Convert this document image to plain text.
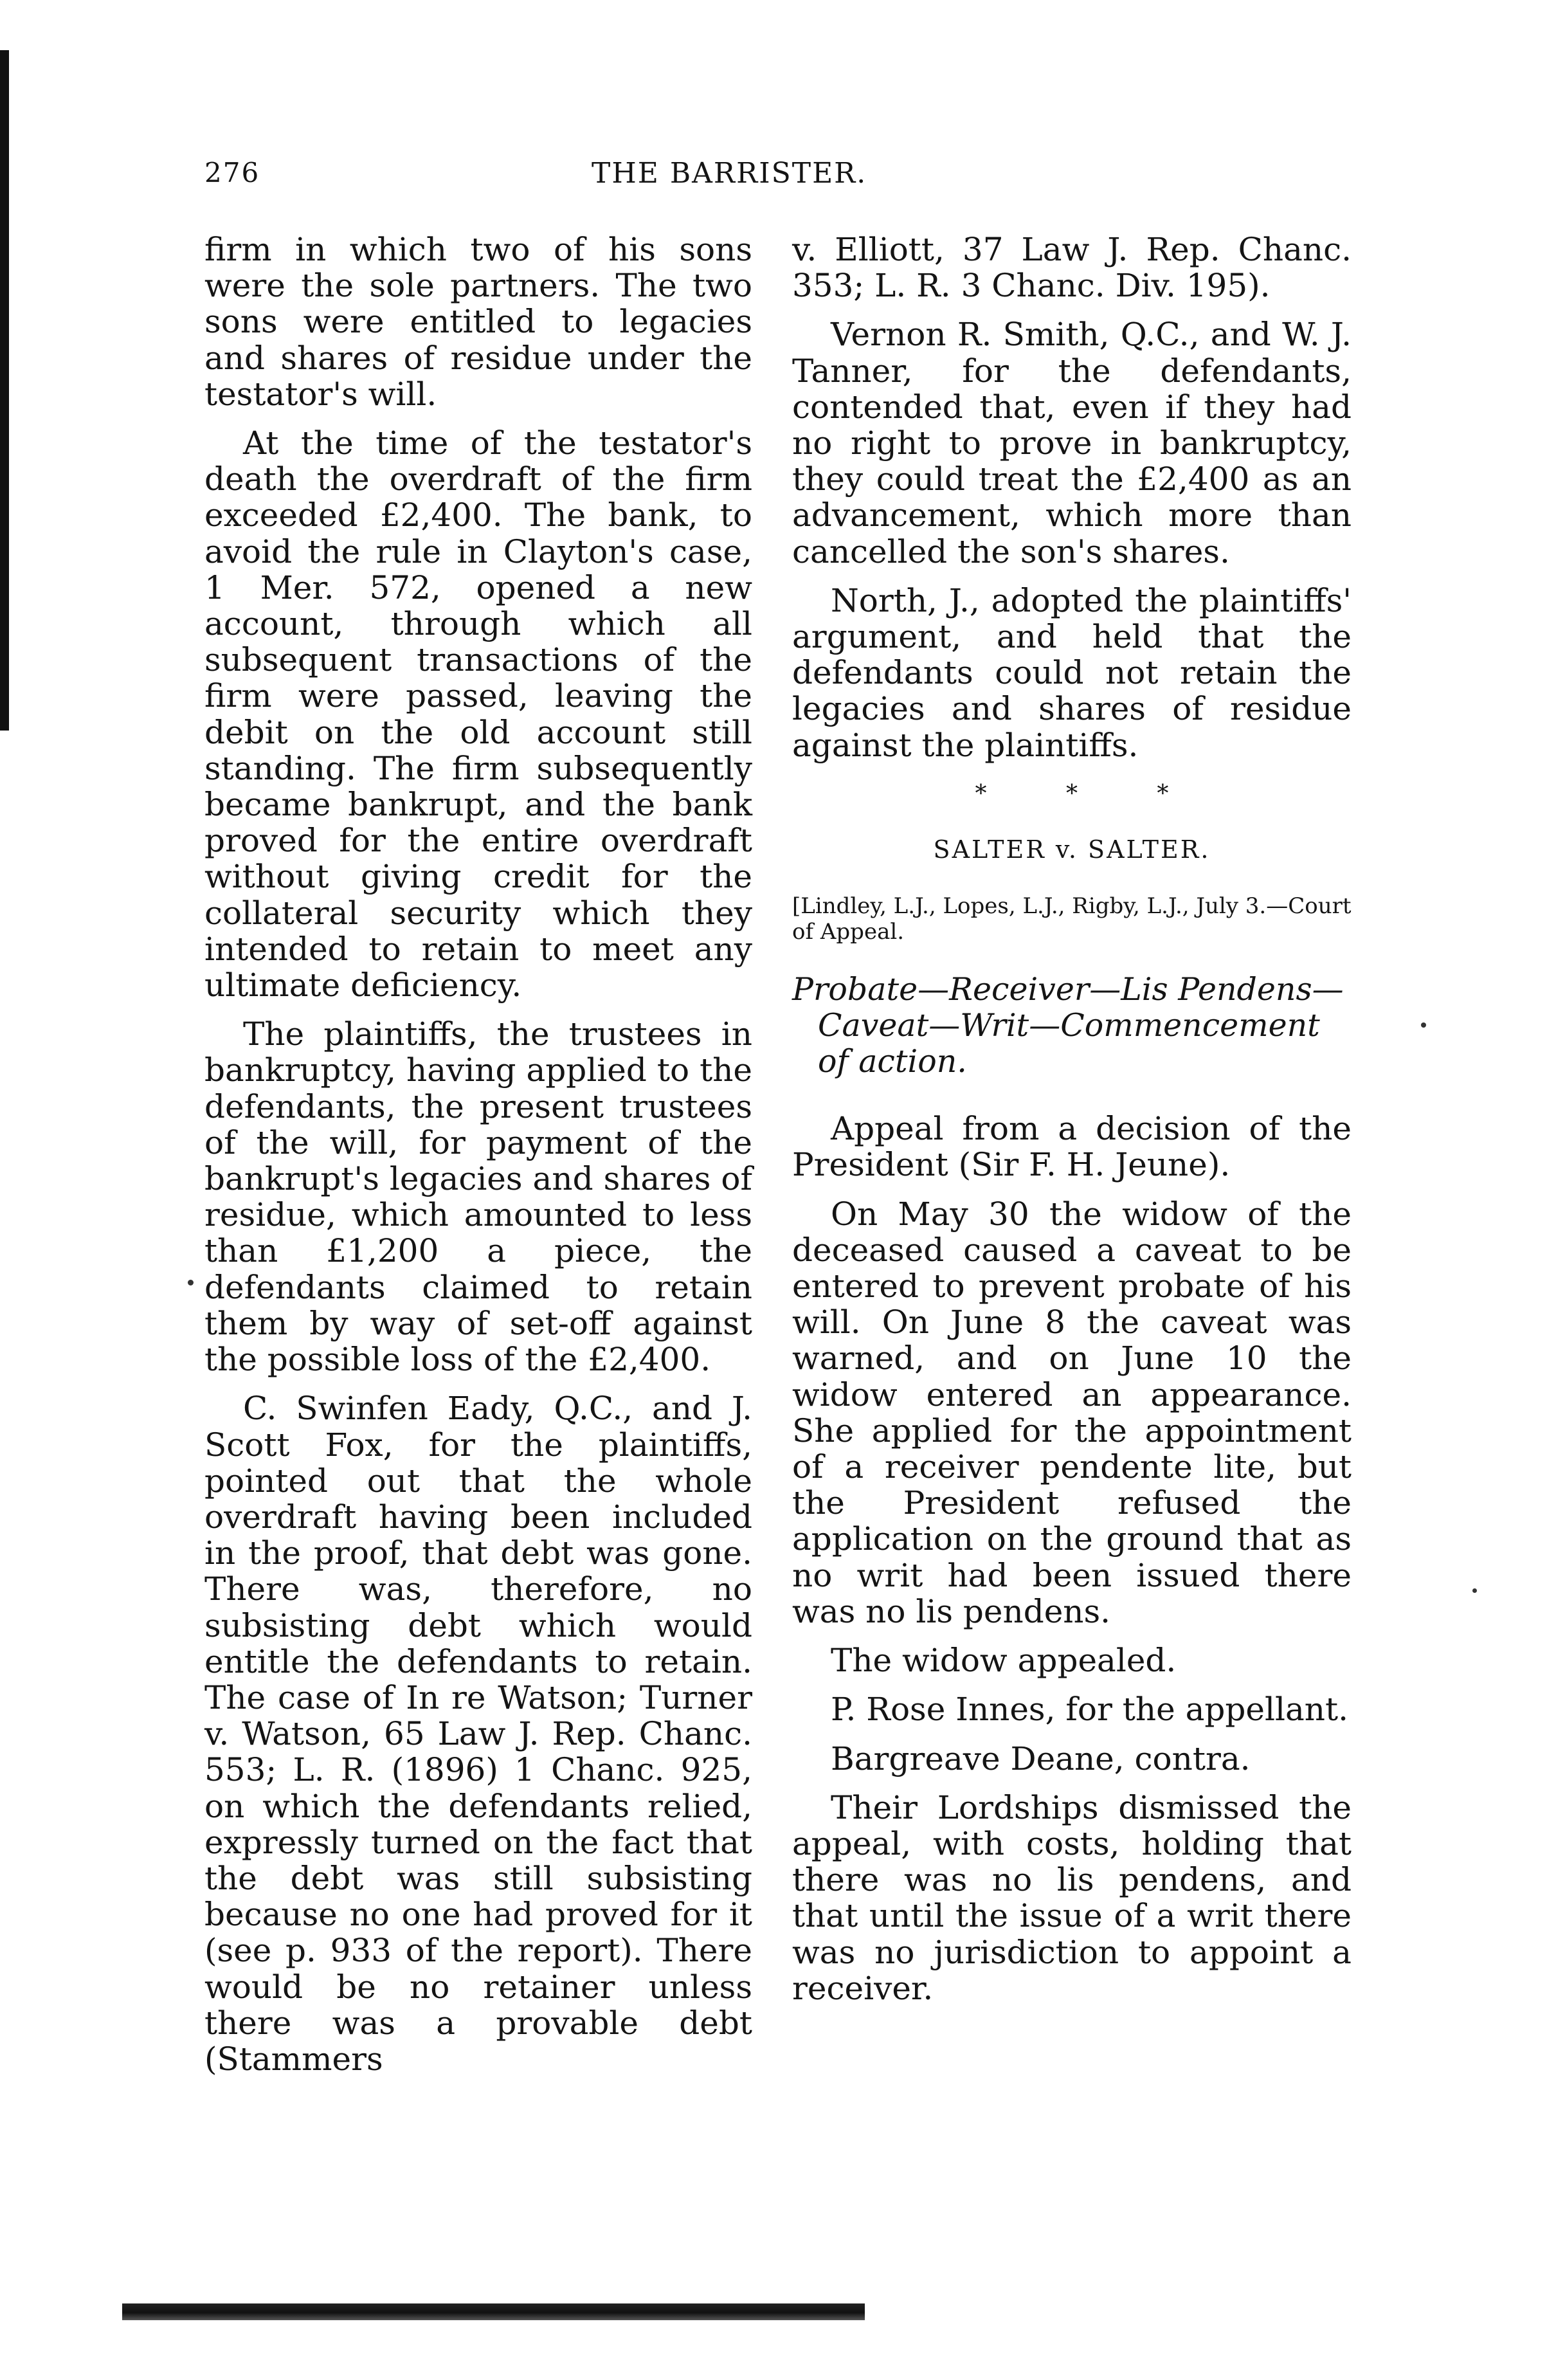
276	THE BARRISTER.

firm in which two of his sons were the sole partners. The two sons were entitled to legacies and shares of residue under the testator's will.

At the time of the testator's death the overdraft of the firm exceeded £2,400. The bank, to avoid the rule in Clayton's case, 1 Mer. 572, opened a new account, through which all subsequent transactions of the firm were passed, leaving the debit on the old account still standing. The firm subsequently became bankrupt, and the bank proved for the entire overdraft without giving credit for the collateral security which they intended to retain to meet any ultimate deficiency.

The plaintiffs, the trustees in bankruptcy, having applied to the defendants, the present trustees of the will, for payment of the bankrupt's legacies and shares of residue, which amounted to less than £1,200 a piece, the defendants claimed to retain them by way of set-off against the possible loss of the £2,400.

C. Swinfen Eady, Q.C., and J. Scott Fox, for the plaintiffs, pointed out that the whole overdraft having been included in the proof, that debt was gone. There was, therefore, no subsisting debt which would entitle the defendants to retain. The case of In re Watson; Turner v. Watson, 65 Law J. Rep. Chanc. 553; L. R. (1896) 1 Chanc. 925, on which the defendants relied, expressly turned on the fact that the debt was still subsisting because no one had proved for it (see p. 933 of the report). There would be no retainer unless there was a provable debt (Stammers

v. Elliott, 37 Law J. Rep. Chanc. 353; L. R. 3 Chanc. Div. 195).

Vernon R. Smith, Q.C., and W. J. Tanner, for the defendants, contended that, even if they had no right to prove in bankruptcy, they could treat the £2,400 as an advancement, which more than cancelled the son's shares.

North, J., adopted the plaintiffs' argument, and held that the defendants could not retain the legacies and shares of residue against the plaintiffs.

* * *
SALTER v. SALTER.

[Lindley, L.J., Lopes, L.J., Rigby, L.J., July 3.—Court of Appeal.

Probate—Receiver—Lis Pendens—Caveat—Writ—Commencement of action.

Appeal from a decision of the President (Sir F. H. Jeune).

On May 30 the widow of the deceased caused a caveat to be entered to prevent probate of his will. On June 8 the caveat was warned, and on June 10 the widow entered an appearance. She applied for the appointment of a receiver pendente lite, but the President refused the application on the ground that as no writ had been issued there was no lis pendens.

The widow appealed.

P. Rose Innes, for the appellant.

Bargreave Deane, contra.

Their Lordships dismissed the appeal, with costs, holding that there was no lis pendens, and that until the issue of a writ there was no jurisdiction to appoint a receiver.
